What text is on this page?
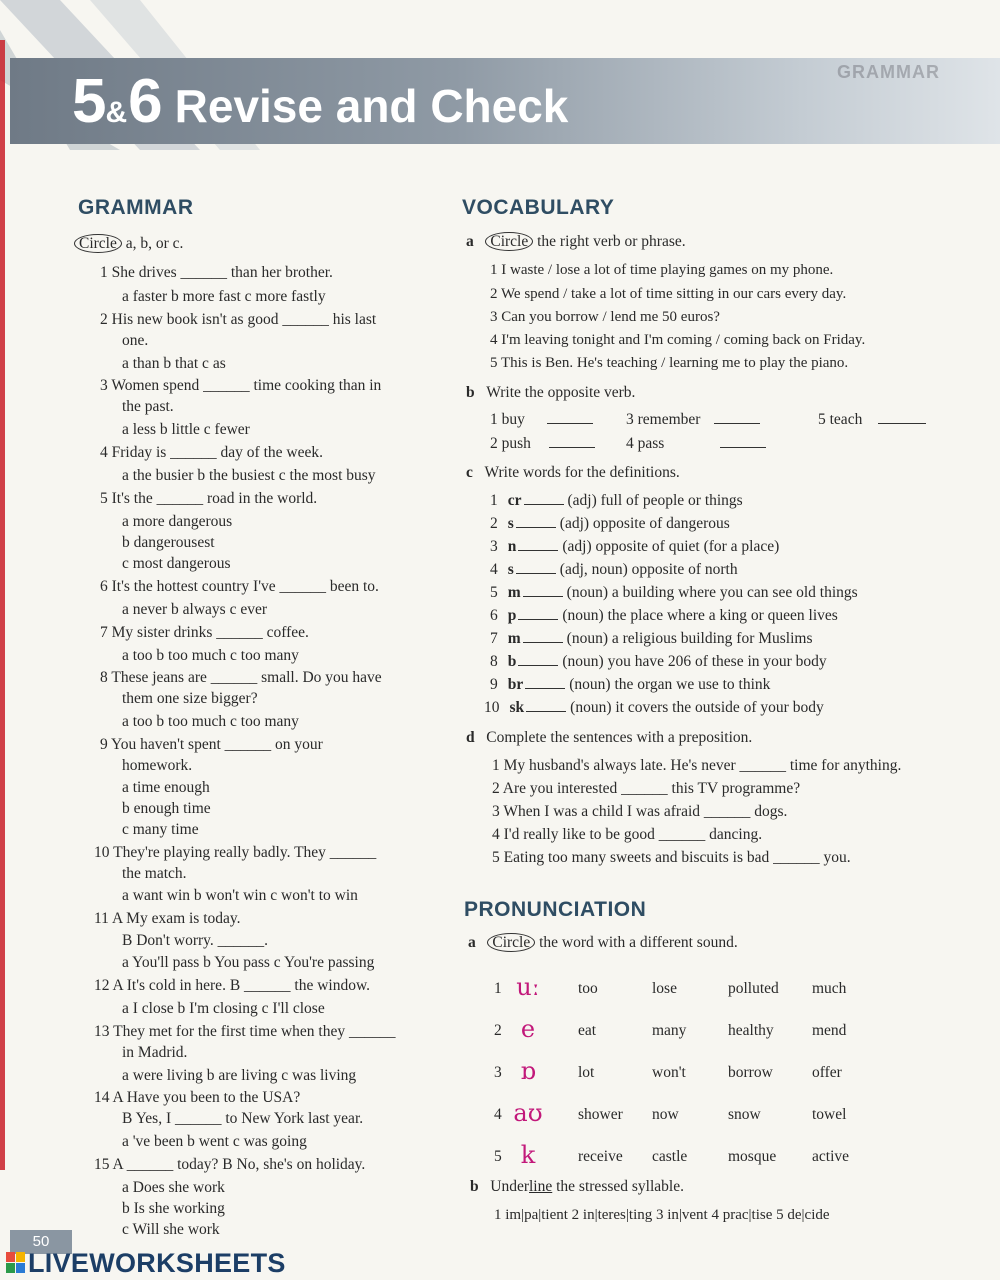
GRAMMAR
5 & 6 Revise and Check
GRAMMAR
Circle a, b, or c.
1 She drives ______ than her brother.
a faster b more fast c more fastly
2 His new book isn't as good ______ his last
one.
a than b that c as
3 Women spend ______ time cooking than in
the past.
a less b little c fewer
4 Friday is ______ day of the week.
a the busier b the busiest c the most busy
5 It's the ______ road in the world.
a more dangerous
b dangerousest
c most dangerous
6 It's the hottest country I've ______ been to.
a never b always c ever
7 My sister drinks ______ coffee.
a too b too much c too many
8 These jeans are ______ small. Do you have
them one size bigger?
a too b too much c too many
9 You haven't spent ______ on your
homework.
a time enough
b enough time
c many time
10 They're playing really badly. They ______
the match.
a want win b won't win c won't to win
11 A My exam is today.
B Don't worry. ______.
a You'll pass b You pass c You're passing
12 A It's cold in here. B ______ the window.
a I close b I'm closing c I'll close
13 They met for the first time when they ______
in Madrid.
a were living b are living c was living
14 A Have you been to the USA?
B Yes, I ______ to New York last year.
a 've been b went c was going
15 A ______ today? B No, she's on holiday.
a Does she work
b Is she working
c Will she work
VOCABULARY
a Circle the right verb or phrase.
1 I waste / lose a lot of time playing games on my phone.
2 We spend / take a lot of time sitting in our cars every day.
3 Can you borrow / lend me 50 euros?
4 I'm leaving tonight and I'm coming / coming back on Friday.
5 This is Ben. He's teaching / learning me to play the piano.
b Write the opposite verb.
1 buy	3 remember	5 teach
2 push	4 pass
c Write words for the definitions.
1 cr	(adj) full of people or things
2 s	(adj) opposite of dangerous
3 n	(adj) opposite of quiet (for a place)
4 s	(adj, noun) opposite of north
5 m	(noun) a building where you can see old things
6 p	(noun) the place where a king or queen lives
7 m	(noun) a religious building for Muslims
8 b	(noun) you have 206 of these in your body
9 br	(noun) the organ we use to think
10 sk	(noun) it covers the outside of your body
d Complete the sentences with a preposition.
1 My husband's always late. He's never ______ time for anything.
2 Are you interested ______ this TV programme?
3 When I was a child I was afraid ______ dogs.
4 I'd really like to be good ______ dancing.
5 Eating too many sweets and biscuits is bad ______ you.
PRONUNCIATION
a Circle the word with a different sound.
1 uː	too	lose	polluted much
2 e	eat	many	healthy mend
3 ɒ	lot	won't	borrow	offer
4 aʊ	shower now	snow	towel
5 k	receive castle	mosque active
b Underline the stressed syllable.
1 im|pa|tient 2 in|teres|ting 3 in|vent 4 prac|tise 5 de|cide
50
LIVEWORKSHEETS
